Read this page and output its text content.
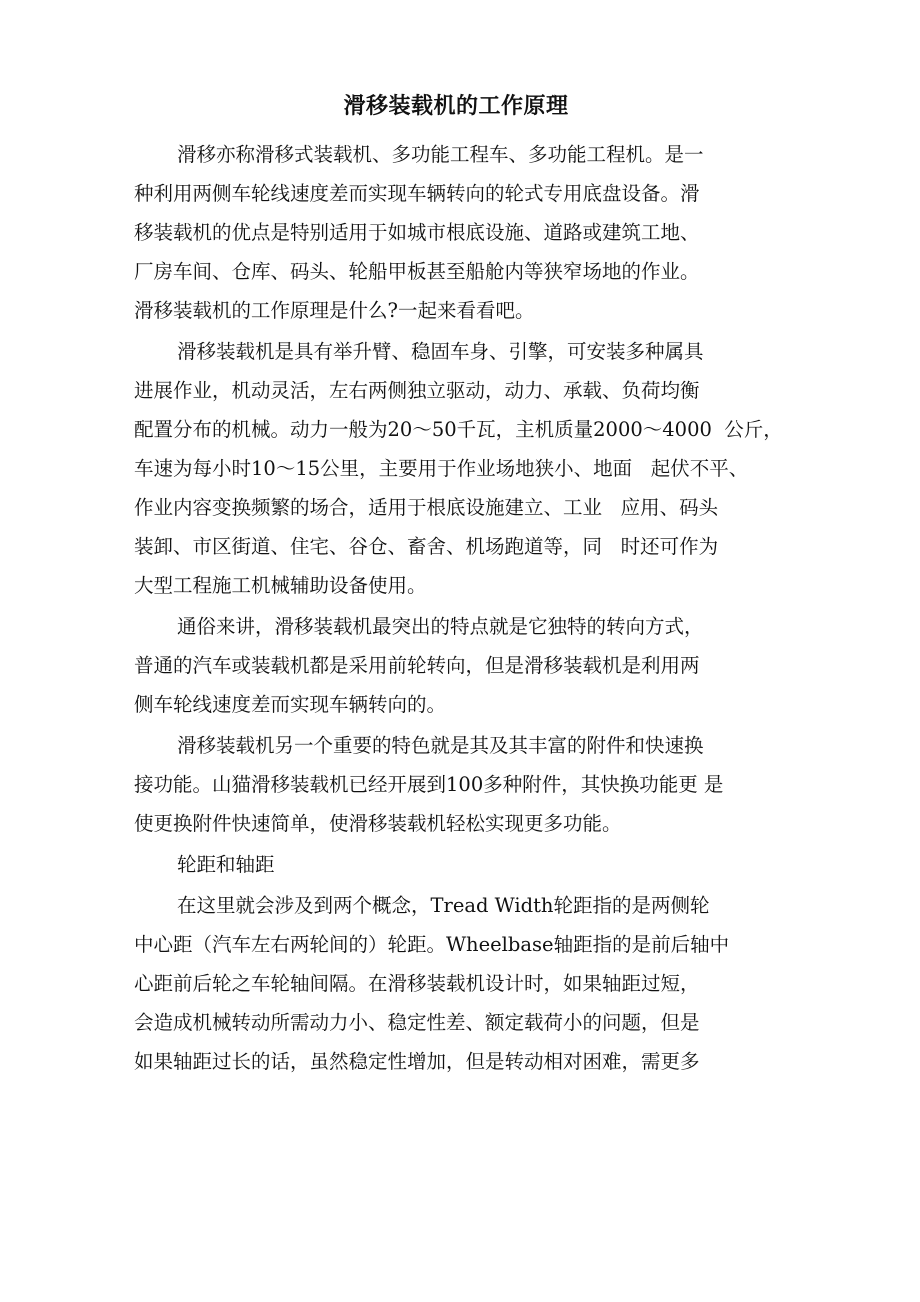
滑移装载机的工作原理
滑移亦称滑移式装载机、多功能工程车、多功能工程机。是一
种利用两侧车轮线速度差而实现车辆转向的轮式专用底盘设备。滑
移装载机的优点是特别适用于如城市根底设施、道路或建筑工地、
厂房车间、仓库、码头、轮船甲板甚至船舱内等狭窄场地的作业。
滑移装载机的工作原理是什么?一起来看看吧。
滑移装载机是具有举升臂、稳固车身、引擎，可安装多种属具
进展作业，机动灵活，左右两侧独立驱动，动力、承载、负荷均衡
配置分布的机械。动力一般为20〜50千瓦，主机质量2000〜4000  公斤，
车速为每小时10〜15公里，主要用于作业场地狭小、地面   起伏不平、
作业内容变换频繁的场合，适用于根底设施建立、工业   应用、码头
装卸、市区街道、住宅、谷仓、畜舍、机场跑道等，同   时还可作为
大型工程施工机械辅助设备使用。
通俗来讲，滑移装载机最突出的特点就是它独特的转向方式，
普通的汽车或装载机都是采用前轮转向，但是滑移装载机是利用两
侧车轮线速度差而实现车辆转向的。
滑移装载机另一个重要的特色就是其及其丰富的附件和快速换
接功能。山猫滑移装载机已经开展到100多种附件，其快换功能更 是
使更换附件快速简单，使滑移装载机轻松实现更多功能。
轮距和轴距
在这里就会涉及到两个概念，Tread Width轮距指的是两侧轮
中心距（汽车左右两轮间的）轮距。Wheelbase轴距指的是前后轴中
心距前后轮之车轮轴间隔。在滑移装载机设计时，如果轴距过短，
会造成机械转动所需动力小、稳定性差、额定载荷小的问题，但是
如果轴距过长的话，虽然稳定性增加，但是转动相对困难，需更多
